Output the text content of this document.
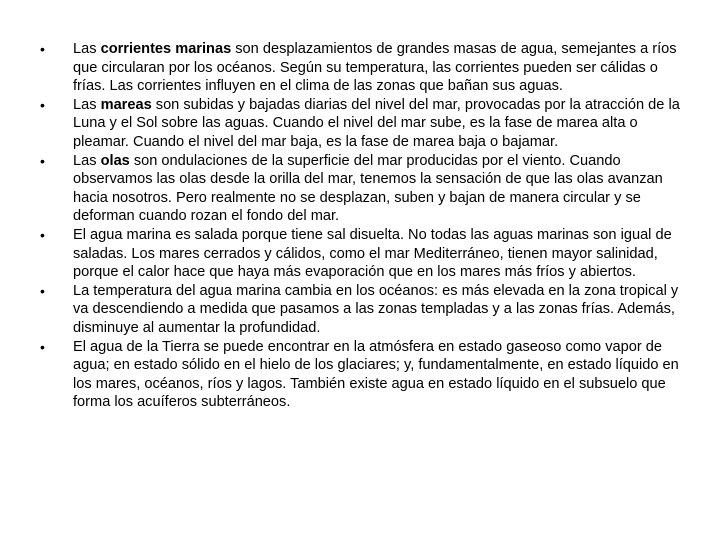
•	Las corrientes marinas son desplazamientos de grandes masas de agua, semejantes a ríos que circularan por los océanos. Según su temperatura, las corrientes pueden ser cálidas o frías. Las corrientes influyen en el clima de las zonas que bañan sus aguas.
•	Las mareas son subidas y bajadas diarias del nivel del mar, provocadas por la atracción de la Luna y el Sol sobre las aguas. Cuando el nivel del mar sube, es la fase de marea alta o pleamar. Cuando el nivel del mar baja, es la fase de marea baja o bajamar.
•	Las olas son ondulaciones de la superficie del mar producidas por el viento. Cuando observamos las olas desde la orilla del mar, tenemos la sensación de que las olas avanzan hacia nosotros. Pero realmente no se desplazan, suben y bajan de manera circular y se deforman cuando rozan el fondo del mar.
•	El agua marina es salada porque tiene sal disuelta. No todas las aguas marinas son igual de saladas. Los mares cerrados y cálidos, como el mar Mediterráneo, tienen mayor salinidad, porque el calor hace que haya más evaporación que en los mares más fríos y abiertos.
•	La temperatura del agua marina cambia en los océanos: es más elevada en la zona tropical y va descendiendo a medida que pasamos a las zonas templadas y a las zonas frías. Además, disminuye al aumentar la profundidad.
•	El agua de la Tierra se puede encontrar en la atmósfera en estado gaseoso como vapor de agua; en estado sólido en el hielo de los glaciares; y, fundamentalmente, en estado líquido en los mares, océanos, ríos y lagos. También existe agua en estado líquido en el subsuelo que forma los acuíferos subterráneos.
